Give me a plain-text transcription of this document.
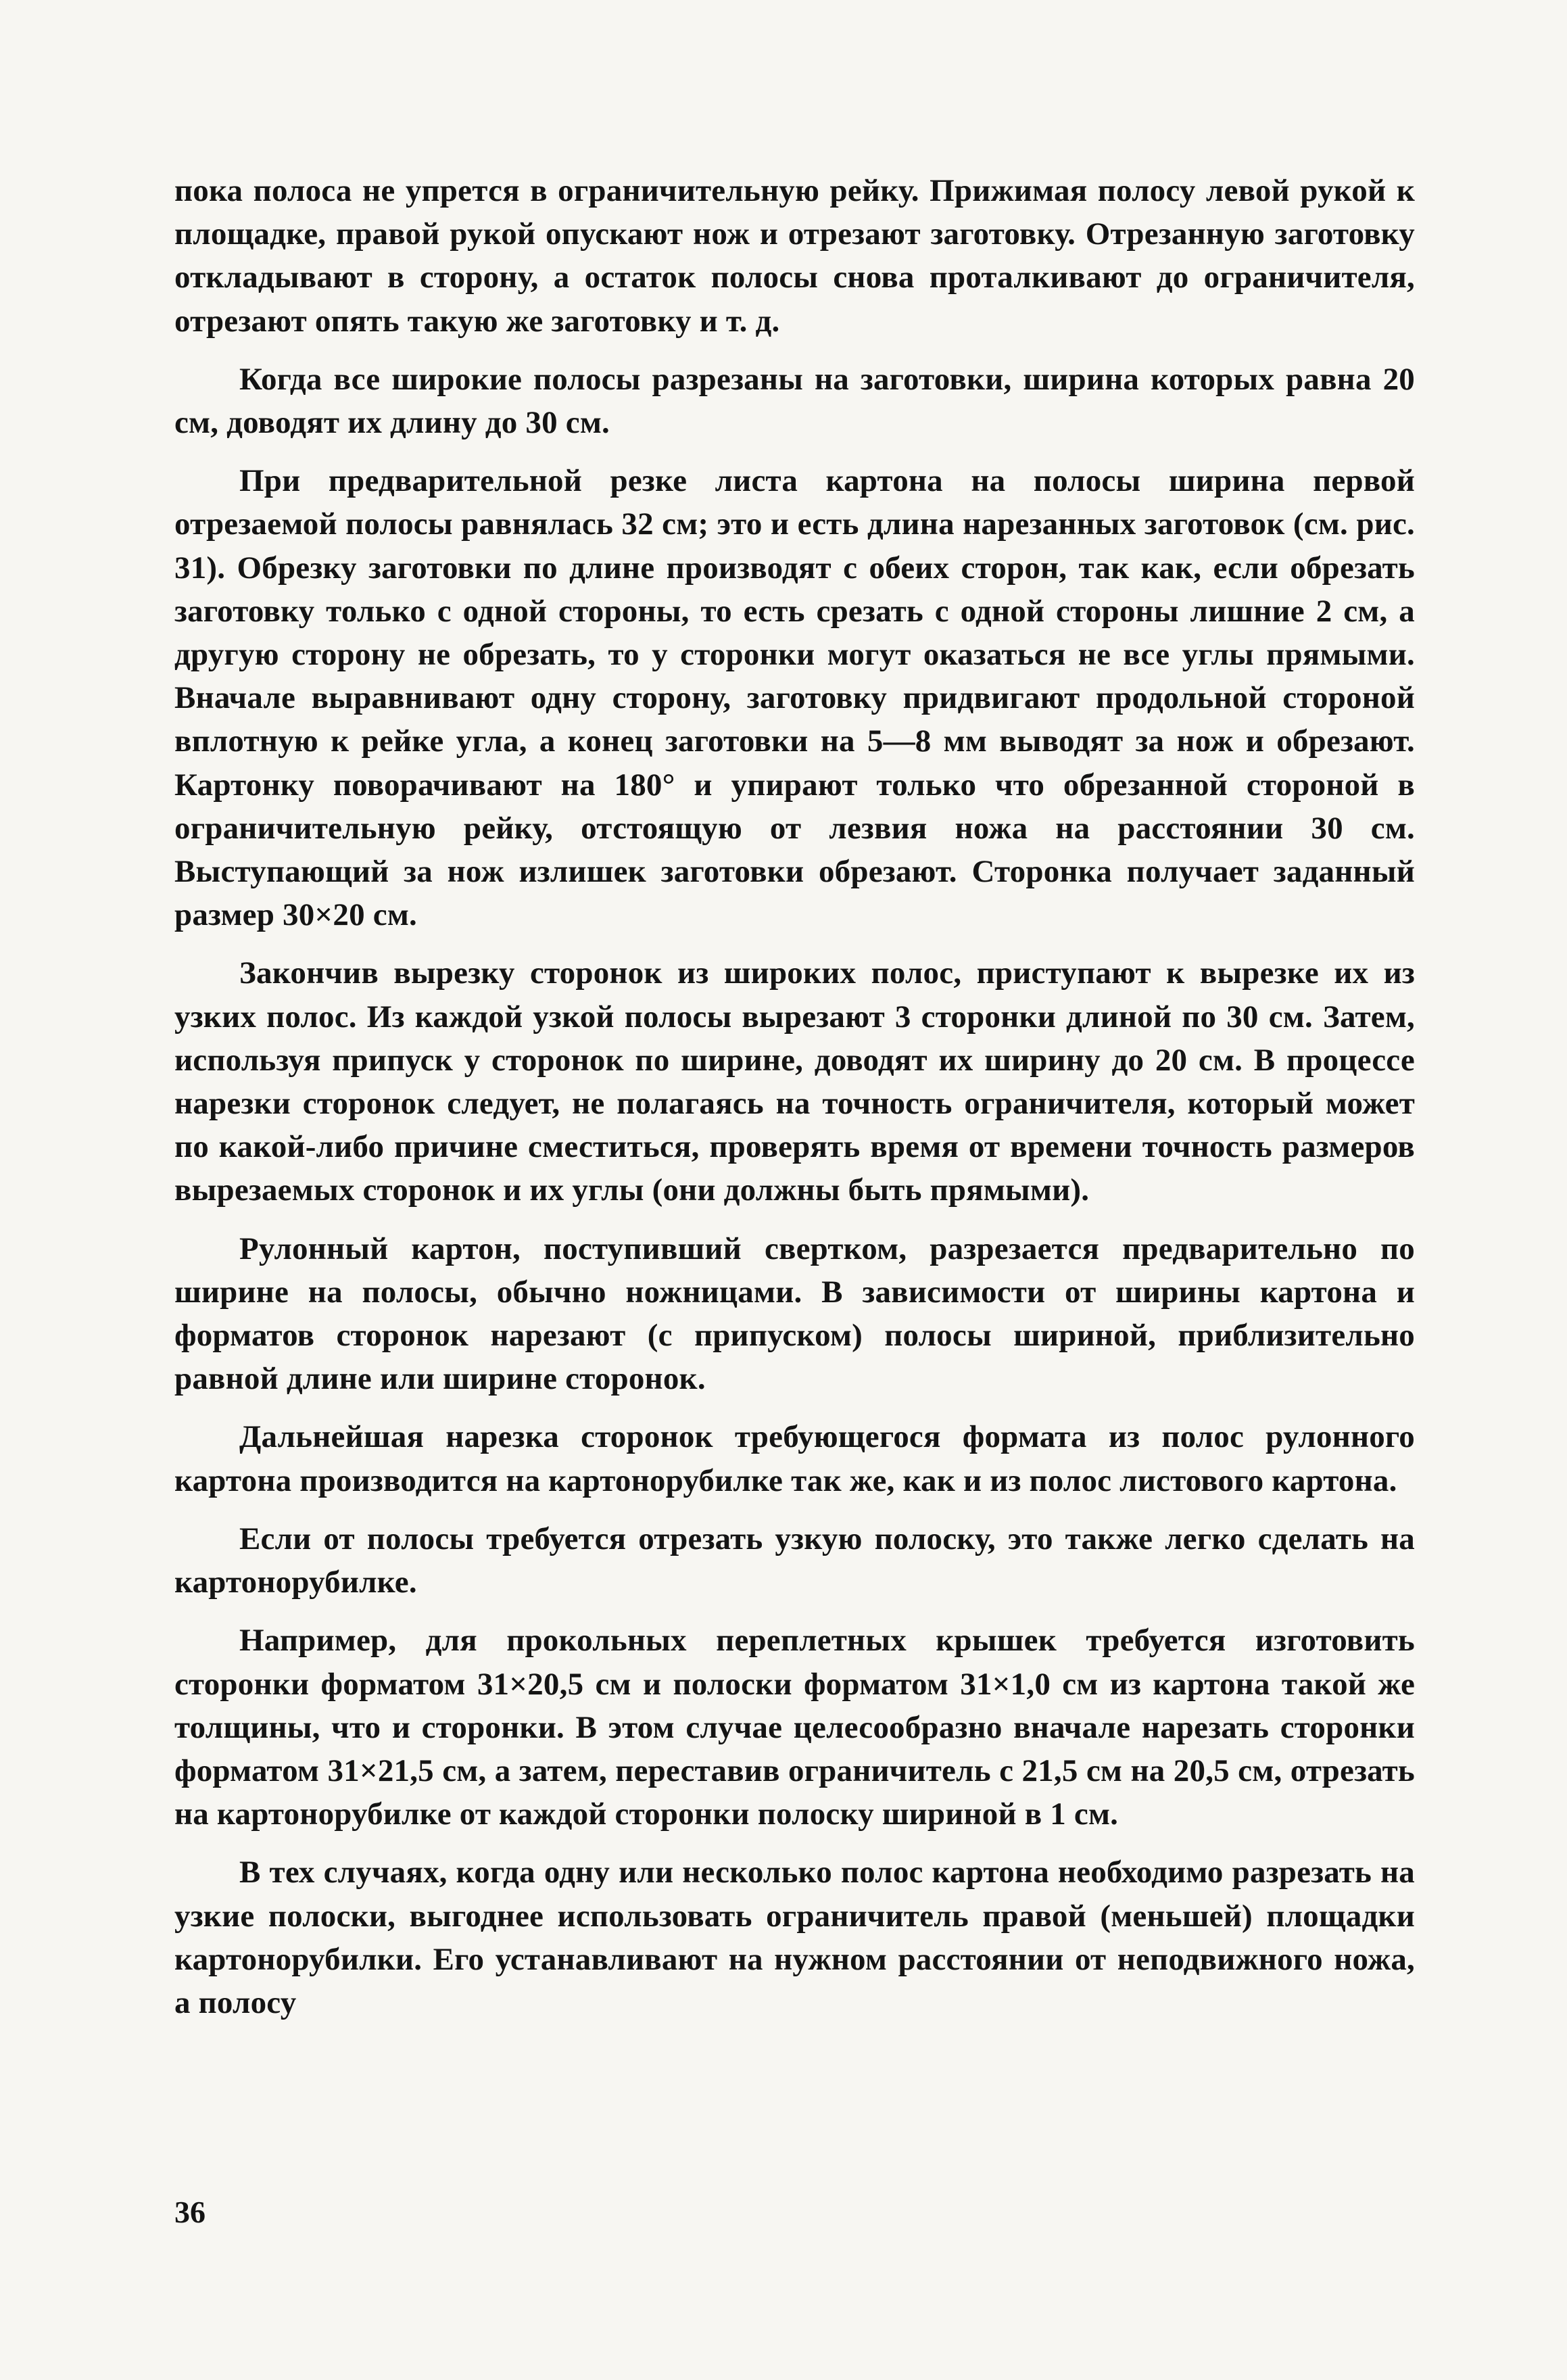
пока полоса не упрется в ограничительную рейку. Прижимая полосу левой рукой к площадке, правой рукой опускают нож и отрезают заготовку. Отрезанную заготовку откладывают в сторону, а остаток полосы снова проталкивают до ограничителя, отрезают опять такую же заготовку и т. д.

Когда все широкие полосы разрезаны на заготовки, ширина которых равна 20 см, доводят их длину до 30 см.

При предварительной резке листа картона на полосы ширина первой отрезаемой полосы равнялась 32 см; это и есть длина нарезанных заготовок (см. рис. 31). Обрезку заготовки по длине производят с обеих сторон, так как, если обрезать заготовку только с одной стороны, то есть срезать с одной стороны лишние 2 см, а другую сторону не обрезать, то у сторонки могут оказаться не все углы прямыми. Вначале выравнивают одну сторону, заготовку придвигают продольной стороной вплотную к рейке угла, а конец заготовки на 5—8 мм выводят за нож и обрезают. Картонку поворачивают на 180° и упирают только что обрезанной стороной в ограничительную рейку, отстоящую от лезвия ножа на расстоянии 30 см. Выступающий за нож излишек заготовки обрезают. Сторонка получает заданный размер 30×20 см.

Закончив вырезку сторонок из широких полос, приступают к вырезке их из узких полос. Из каждой узкой полосы вырезают 3 сторонки длиной по 30 см. Затем, используя припуск у сторонок по ширине, доводят их ширину до 20 см. В процессе нарезки сторонок следует, не полагаясь на точность ограничителя, который может по какой-либо причине сместиться, проверять время от времени точность размеров вырезаемых сторонок и их углы (они должны быть прямыми).

Рулонный картон, поступивший свертком, разрезается предварительно по ширине на полосы, обычно ножницами. В зависимости от ширины картона и форматов сторонок нарезают (с припуском) полосы шириной, приблизительно равной длине или ширине сторонок.

Дальнейшая нарезка сторонок требующегося формата из полос рулонного картона производится на картонорубилке так же, как и из полос листового картона.

Если от полосы требуется отрезать узкую полоску, это также легко сделать на картонорубилке.

Например, для прокольных переплетных крышек требуется изготовить сторонки форматом 31×20,5 см и полоски форматом 31×1,0 см из картона такой же толщины, что и сторонки. В этом случае целесообразно вначале нарезать сторонки форматом 31×21,5 см, а затем, переставив ограничитель с 21,5 см на 20,5 см, отрезать на картонорубилке от каждой сторонки полоску шириной в 1 см.

В тех случаях, когда одну или несколько полос картона необходимо разрезать на узкие полоски, выгоднее использовать ограничитель правой (меньшей) площадки картонорубилки. Его устанавливают на нужном расстоянии от неподвижного ножа, а полосу

36
